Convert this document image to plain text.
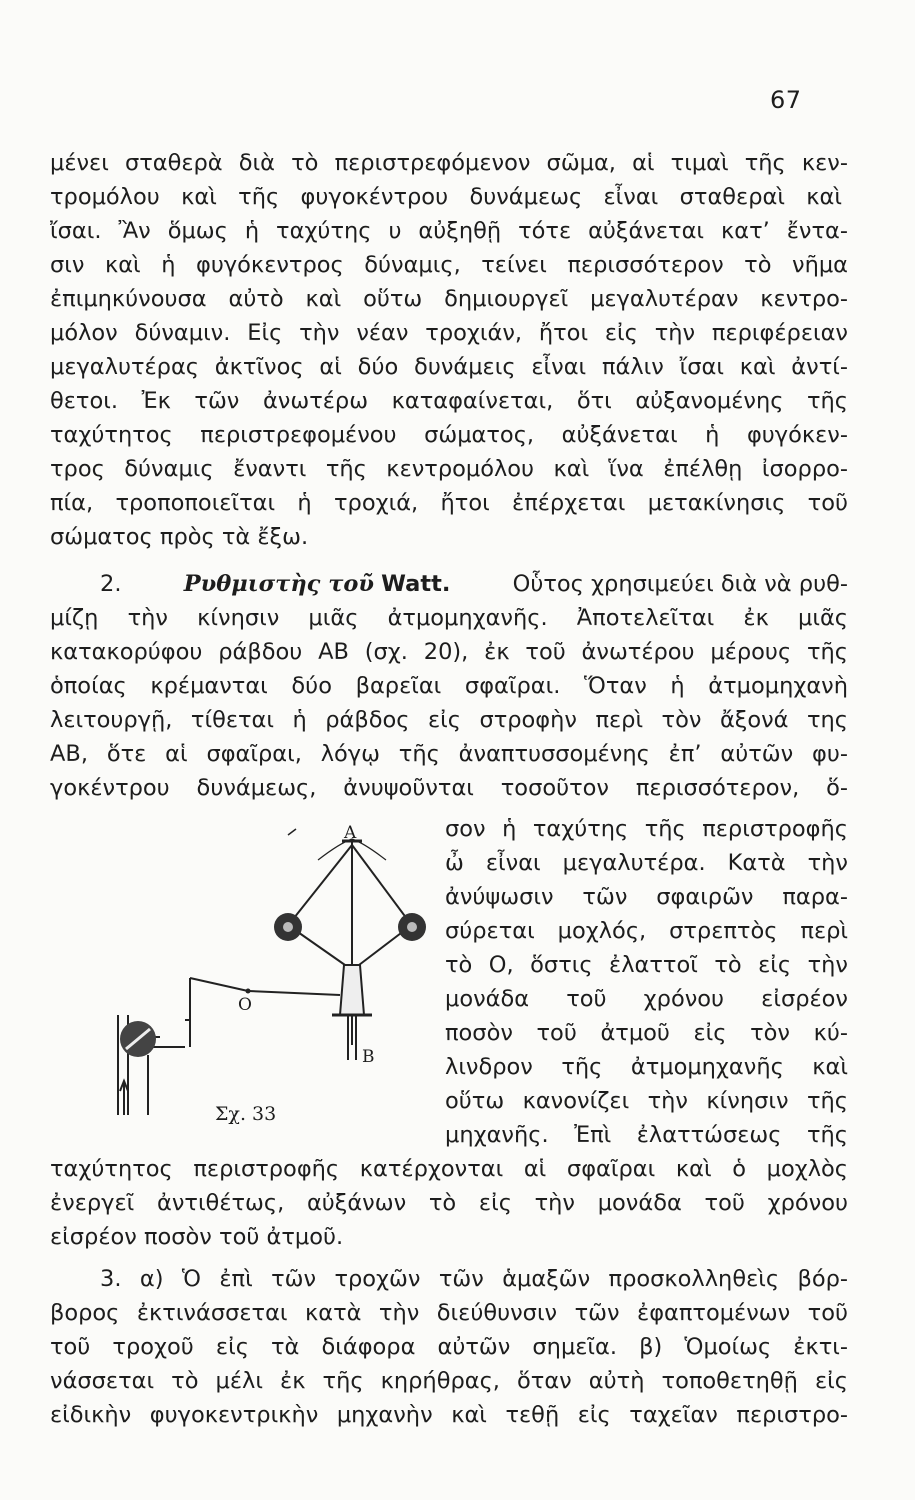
67
μένει σταθερὰ διὰ τὸ περιστρεφόμενον σῶμα, αἱ τιμαὶ τῆς κεν-
τρομόλου καὶ τῆς φυγοκέντρου δυνάμεως εἶναι σταθεραὶ καὶ
ἴσαι. Ἂν ὅμως ἡ ταχύτης υ αὐξηθῇ τότε αὐξάνεται κατ’ ἔντα-
σιν καὶ ἡ φυγόκεντρος δύναμις, τείνει περισσότερον τὸ νῆμα
ἐπιμηκύνουσα αὐτὸ καὶ οὕτω δημιουργεῖ μεγαλυτέραν κεντρο-
μόλον δύναμιν. Εἰς τὴν νέαν τροχιάν, ἤτοι εἰς τὴν περιφέρειαν
μεγαλυτέρας ἀκτῖνος αἱ δύο δυνάμεις εἶναι πάλιν ἴσαι καὶ ἀντί-
θετοι. Ἐκ τῶν ἀνωτέρω καταφαίνεται, ὅτι αὐξανομένης τῆς
ταχύτητος περιστρεφομένου σώματος, αὐξάνεται ἡ φυγόκεν-
τρος δύναμις ἔναντι τῆς κεντρομόλου καὶ ἵνα ἐπέλθῃ ἰσορρο-
πία, τροποποιεῖται ἡ τροχιά, ἤτοι ἐπέρχεται μετακίνησις τοῦ
σώματος πρὸς τὰ ἔξω.
2.	Ρυθμιστὴς τοῦ Watt.	Οὗτος χρησιμεύει διὰ νὰ ρυθ-
μίζῃ τὴν κίνησιν μιᾶς ἀτμομηχανῆς. Ἀποτελεῖται ἐκ μιᾶς
κατακορύφου ράβδου ΑΒ (σχ. 20), ἐκ τοῦ ἀνωτέρου μέρους τῆς
ὁποίας κρέμανται δύο βαρεῖαι σφαῖραι. Ὅταν ἡ ἀτμομηχανὴ
λειτουργῇ, τίθεται ἡ ράβδος εἰς στροφὴν περὶ τὸν ἄξονά της
ΑΒ, ὅτε αἱ σφαῖραι, λόγῳ τῆς ἀναπτυσσομένης ἐπ’ αὐτῶν φυ-
γοκέντρου δυνάμεως, ἀνυψοῦνται τοσοῦτον περισσότερον, ὅ-
σον ἡ ταχύτης τῆς περιστροφῆς
ὦ εἶναι μεγαλυτέρα. Κατὰ τὴν
ἀνύψωσιν τῶν σφαιρῶν παρα-
σύρεται μοχλός, στρεπτὸς περὶ
τὸ Ο, ὅστις ἐλαττοῖ τὸ εἰς τὴν
μονάδα τοῦ χρόνου εἰσρέον
ποσὸν τοῦ ἀτμοῦ εἰς τὸν κύ-
λινδρον τῆς ἀτμομηχανῆς καὶ
οὕτω κανονίζει τὴν κίνησιν τῆς
μηχανῆς. Ἐπὶ ἐλαττώσεως τῆς
ταχύτητος περιστροφῆς κατέρχονται αἱ σφαῖραι καὶ ὁ μοχλὸς
ἐνεργεῖ ἀντιθέτως, αὐξάνων τὸ εἰς τὴν μονάδα τοῦ χρόνου
εἰσρέον ποσὸν τοῦ ἀτμοῦ.
3. α) Ὁ ἐπὶ τῶν τροχῶν τῶν ἁμαξῶν προσκολληθεὶς βόρ-
βορος ἐκτινάσσεται κατὰ τὴν διεύθυνσιν τῶν ἐφαπτομένων τοῦ
τοῦ τροχοῦ εἰς τὰ διάφορα αὐτῶν σημεῖα. β) Ὁμοίως ἐκτι-
νάσσεται τὸ μέλι ἐκ τῆς κηρήθρας, ὅταν αὐτὴ τοποθετηθῇ εἰς
εἰδικὴν φυγοκεντρικὴν μηχανὴν καὶ τεθῇ εἰς ταχεῖαν περιστρο-
A
B
O
Σχ. 33
